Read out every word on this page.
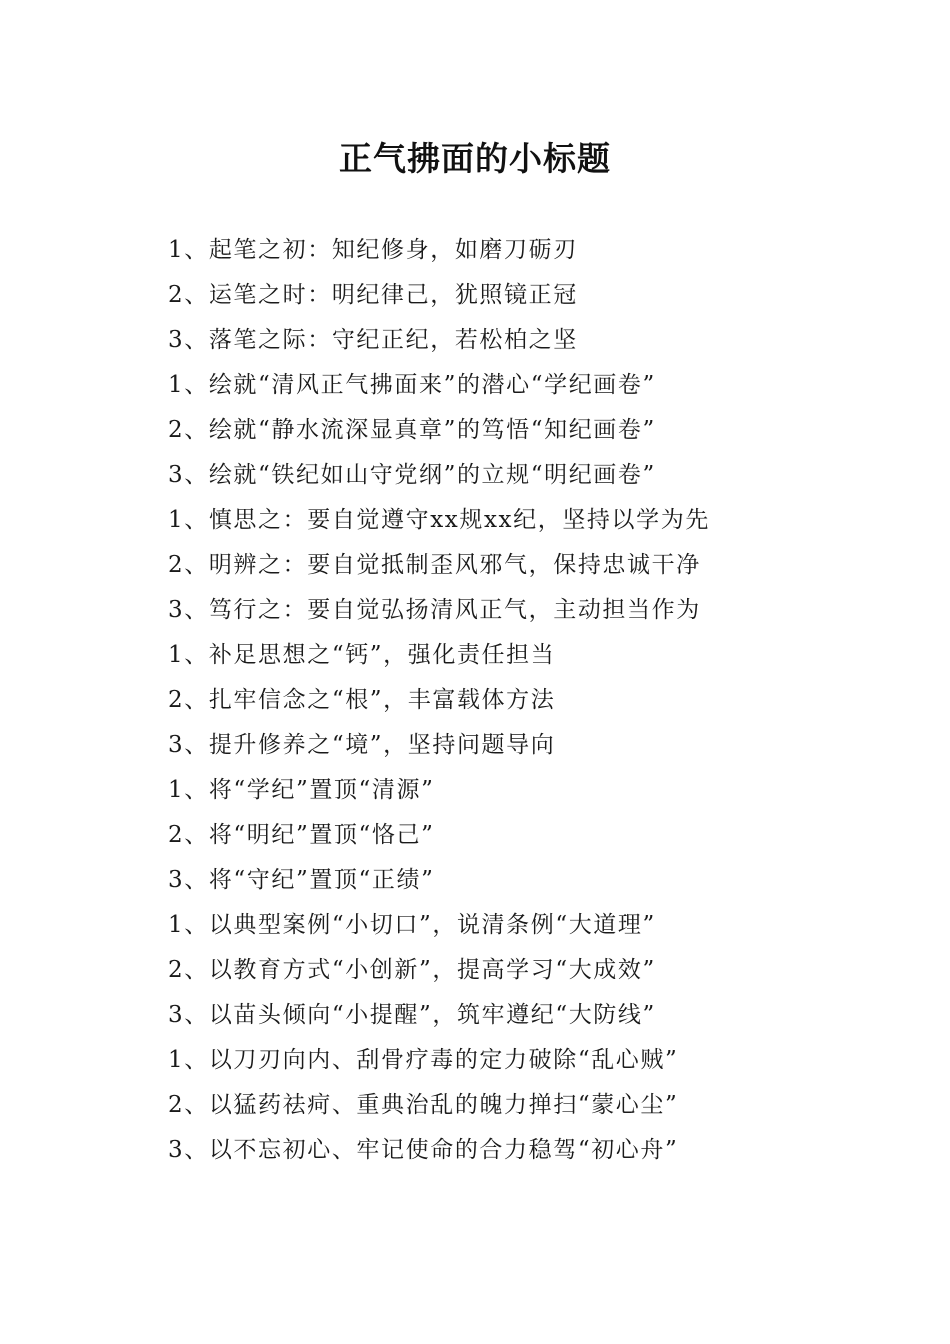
正气拂面的小标题
1、起笔之初：知纪修身，如磨刀砺刃
2、运笔之时：明纪律己，犹照镜正冠
3、落笔之际：守纪正纪，若松柏之坚
1、绘就“清风正气拂面来”的潜心“学纪画卷”
2、绘就“静水流深显真章”的笃悟“知纪画卷”
3、绘就“铁纪如山守党纲”的立规“明纪画卷”
1、慎思之：要自觉遵守xx规xx纪，坚持以学为先
2、明辨之：要自觉抵制歪风邪气，保持忠诚干净
3、笃行之：要自觉弘扬清风正气，主动担当作为
1、补足思想之“钙”，强化责任担当
2、扎牢信念之“根”，丰富载体方法
3、提升修养之“境”，坚持问题导向
1、将“学纪”置顶“清源”
2、将“明纪”置顶“恪己”
3、将“守纪”置顶“正绩”
1、以典型案例“小切口”，说清条例“大道理”
2、以教育方式“小创新”，提高学习“大成效”
3、以苗头倾向“小提醒”，筑牢遵纪“大防线”
1、以刀刃向内、刮骨疗毒的定力破除“乱心贼”
2、以猛药祛疴、重典治乱的魄力掸扫“蒙心尘”
3、以不忘初心、牢记使命的合力稳驾“初心舟”
